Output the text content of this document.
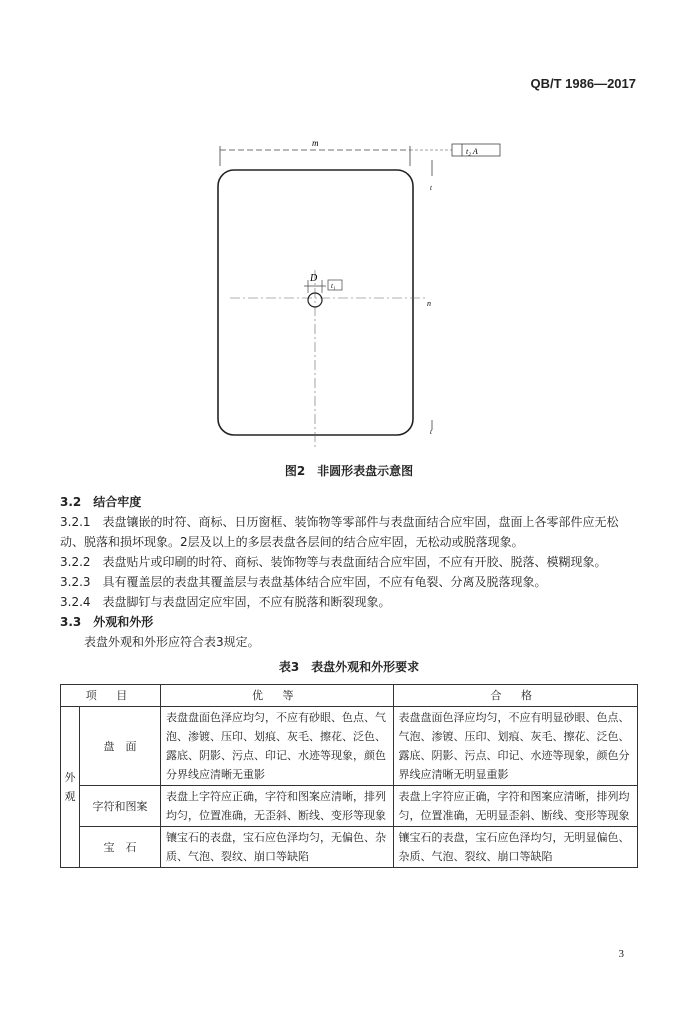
QB/T 1986—2017
m
t₂ A
t
D
t₁
n
t
图2　非圆形表盘示意图

3.2　结合牢度

3.2.1　表盘镶嵌的时符、商标、日历窗框、装饰物等零部件与表盘面结合应牢固，盘面上各零部件应无松动、脱落和损坏现象。2层及以上的多层表盘各层间的结合应牢固，无松动或脱落现象。

3.2.2　表盘贴片或印刷的时符、商标、装饰物等与表盘面结合应牢固，不应有开胶、脱落、模糊现象。

3.2.3　具有覆盖层的表盘其覆盖层与表盘基体结合应牢固，不应有龟裂、分离及脱落现象。

3.2.4　表盘脚钉与表盘固定应牢固，不应有脱落和断裂现象。

3.3　外观和外形

表盘外观和外形应符合表3规定。

表3　表盘外观和外形要求
项 目		优 等	合 格
外观	盘　面	表盘盘面色泽应均匀，不应有砂眼、色点、气泡、渗镀、压印、划痕、灰毛、擦花、泛色、露底、阴影、污点、印记、水迹等现象，颜色分界线应清晰无重影	表盘盘面色泽应均匀，不应有明显砂眼、色点、气泡、渗镀、压印、划痕、灰毛、擦花、泛色、露底、阴影、污点、印记、水迹等现象，颜色分界线应清晰无明显重影
	字符和图案	表盘上字符应正确，字符和图案应清晰，排列均匀，位置准确，无歪斜、断线、变形等现象	表盘上字符应正确，字符和图案应清晰，排列均匀，位置准确，无明显歪斜、断线、变形等现象
	宝　石	镶宝石的表盘，宝石应色泽均匀，无偏色、杂质、气泡、裂纹、崩口等缺陷	镶宝石的表盘，宝石应色泽均匀，无明显偏色、杂质、气泡、裂纹、崩口等缺陷
3
